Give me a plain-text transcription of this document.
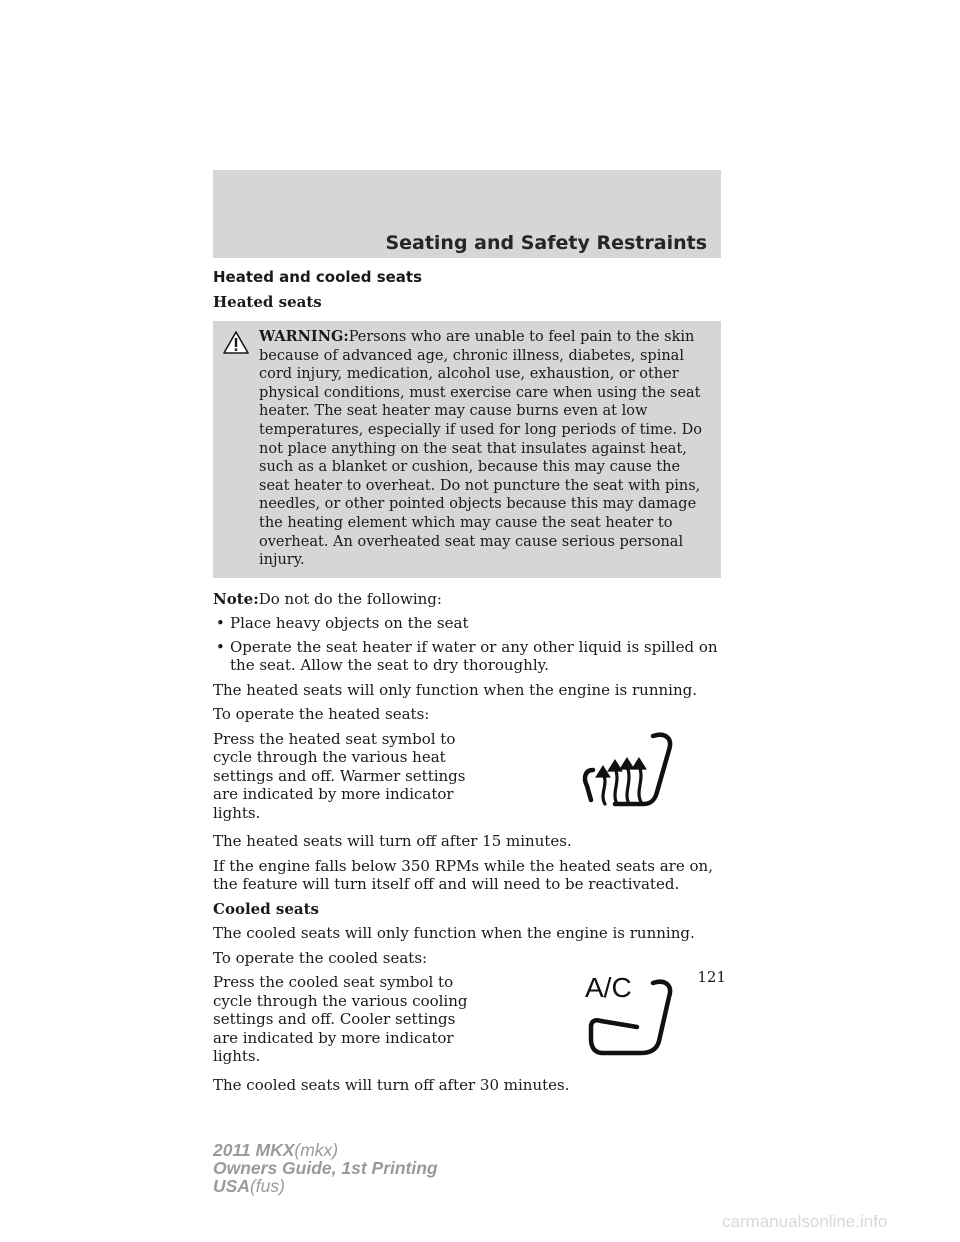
Seating and Safety Restraints
Heated and cooled seats
Heated seats
WARNING:Persons who are unable to feel pain to the skin because of advanced age, chronic illness, diabetes, spinal cord injury, medication, alcohol use, exhaustion, or other physical conditions, must exercise care when using the seat heater. The seat heater may cause burns even at low temperatures, especially if used for long periods of time. Do not place anything on the seat that insulates against heat, such as a blanket or cushion, because this may cause the seat heater to overheat. Do not puncture the seat with pins, needles, or other pointed objects because this may damage the heating element which may cause the seat heater to overheat. An overheated seat may cause serious personal injury.
Note:Do not do the following:
• Place heavy objects on the seat
• Operate the seat heater if water or any other liquid is spilled on the seat. Allow the seat to dry thoroughly.
The heated seats will only function when the engine is running.
To operate the heated seats:
Press the heated seat symbol to cycle through the various heat settings and off. Warmer settings are indicated by more indicator lights.
The heated seats will turn off after 15 minutes.
If the engine falls below 350 RPMs while the heated seats are on, the feature will turn itself off and will need to be reactivated.
Cooled seats
The cooled seats will only function when the engine is running.
To operate the cooled seats:
Press the cooled seat symbol to cycle through the various cooling settings and off. Cooler settings are indicated by more indicator lights.
A/C
The cooled seats will turn off after 30 minutes.
121
2011 MKX(mkx)
Owners Guide, 1st Printing
USA(fus)
carmanualsonline.info
